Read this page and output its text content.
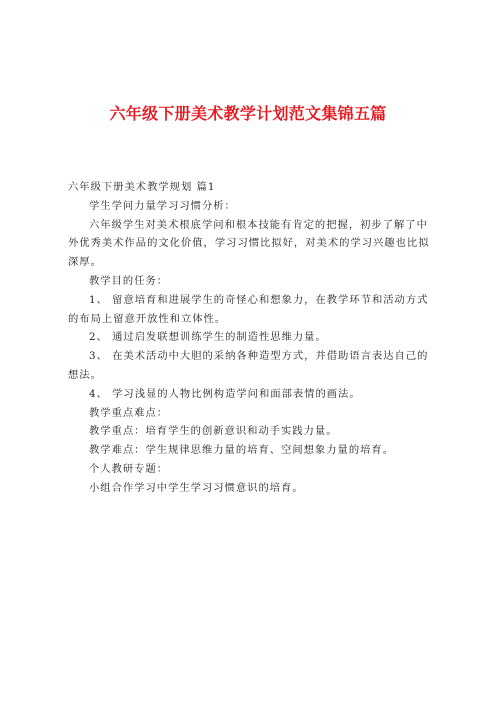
六年级下册美术教学计划范文集锦五篇
六年级下册美术教学规划 篇1
学生学问力量学习习惯分析：
六年级学生对美术根底学问和根本技能有肯定的把握，初步了解了中
外优秀美术作品的文化价值，学习习惯比拟好，对美术的学习兴趣也比拟
深厚。
教学目的任务：
1、 留意培育和进展学生的奇怪心和想象力，在教学环节和活动方式
的布局上留意开放性和立体性。
2、 通过启发联想训练学生的制造性思维力量。
3、 在美术活动中大胆的采纳各种造型方式，并借助语言表达自己的
想法。
4、 学习浅显的人物比例构造学问和面部表情的画法。
教学重点难点：
教学重点：培育学生的创新意识和动手实践力量。
教学难点：学生规律思维力量的培育、空间想象力量的培育。
个人教研专题：
小组合作学习中学生学习习惯意识的培育。
